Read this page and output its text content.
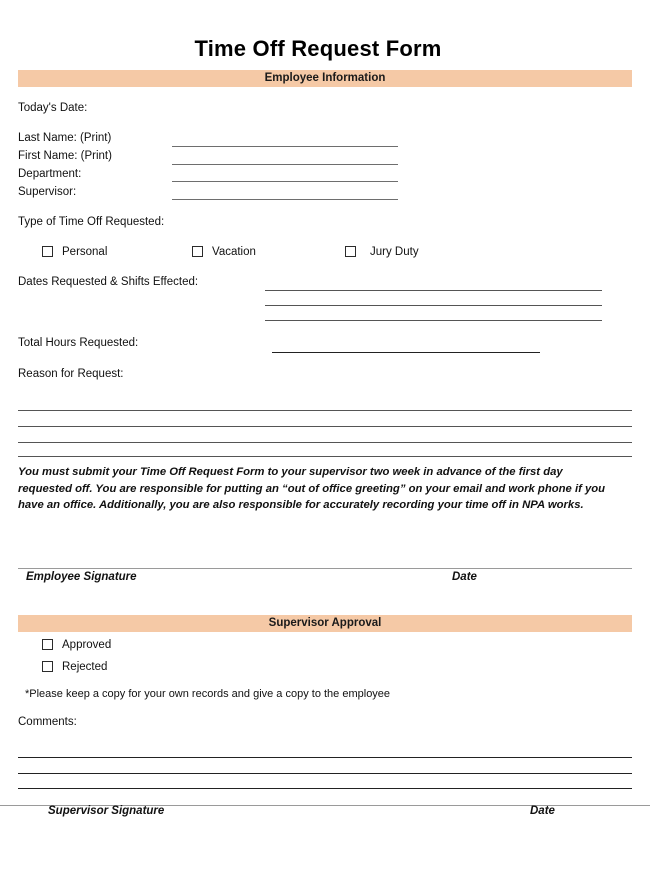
Time Off Request Form
Employee Information
Today's Date:
Last Name: (Print)
First Name: (Print)
Department:
Supervisor:
Type of Time Off Requested:
Personal	Vacation	Jury Duty
Dates Requested & Shifts Effected:
Total Hours Requested:
Reason for Request:
You must submit your Time Off Request Form to your supervisor two week in advance of the first day requested off. You are responsible for putting an “out of office greeting” on your email and work phone if you have an office. Additionally, you are also responsible for accurately recording your time off in NPA works.
Employee Signature	Date
Supervisor Approval
Approved
Rejected
*Please keep a copy for your own records and give a copy to the employee
Comments:
Supervisor Signature	Date
